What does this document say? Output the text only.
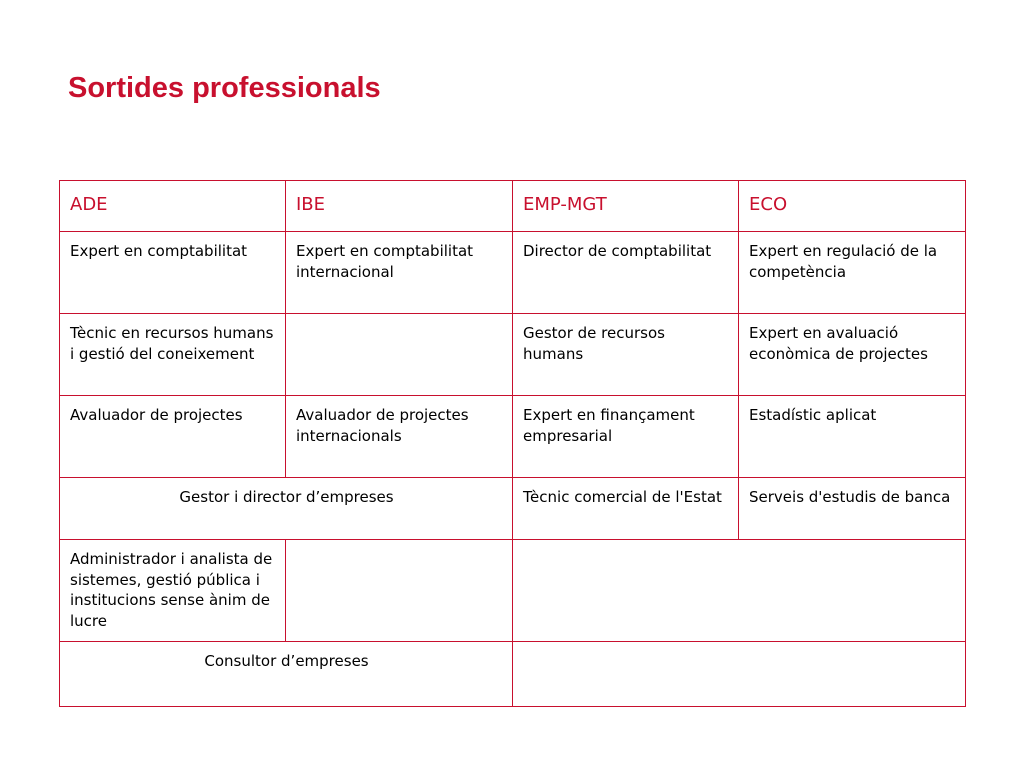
Sortides professionals
ADE	IBE	EMP-MGT	ECO
Expert en comptabilitat	Expert en comptabilitat internacional	Director de comptabilitat	Expert en regulació de la competència
Tècnic en recursos humans i gestió del coneixement		Gestor de recursos humans	Expert en avaluació econòmica de projectes
Avaluador de projectes	Avaluador de projectes internacionals	Expert en finançament empresarial	Estadístic aplicat
Gestor i director d’empreses		Tècnic comercial de l'Estat	Serveis d'estudis de banca
Administrador i analista de sistemes, gestió pública i institucions sense ànim de lucre			
Consultor d’empreses			
